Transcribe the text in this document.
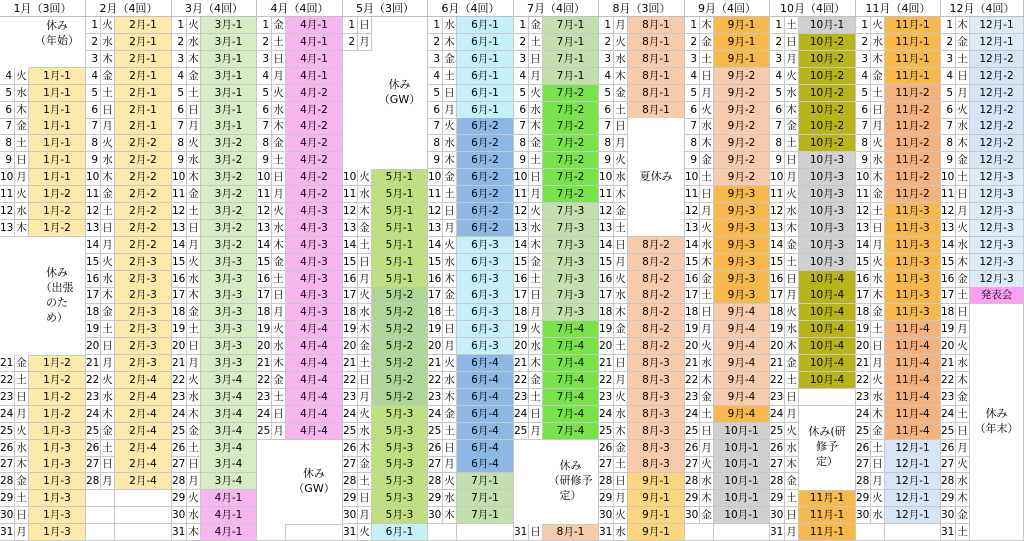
1月（3回）
4 火	1月-1
5 水	1月-1
6 木	1月-1
7 金	1月-1
8 土	1月-1
9 日	1月-1
10 月	1月-1
11 火	1月-2
12 水	1月-2
13 木	1月-2
21 金	1月-2
22 土	1月-2
23 日	1月-2
24 月	1月-2
25 火	1月-3
26 水	1月-3
27 木	1月-3
28 金	1月-3
29 土	1月-3
30 日	1月-3
31 月	1月-3
休み
（年始）
休み
（出張
のた
め）
2月（4回）
1 火	2月-1
2 水	2月-1
3 木	2月-1
4 金	2月-1
5 土	2月-1
6 日	2月-1
7 月	2月-1
8 火	2月-2
9 水	2月-2
10 木	2月-2
11 金	2月-2
12 土	2月-2
13 日	2月-2
14 月	2月-2
15 火	2月-3
16 水	2月-3
17 木	2月-3
18 金	2月-3
19 土	2月-3
20 日	2月-3
21 月	2月-3
22 火	2月-4
23 水	2月-4
24 木	2月-4
25 金	2月-4
26 土	2月-4
27 日	2月-4
28 月	2月-4
3月（4回）
1 火	3月-1
2 水	3月-1
3 木	3月-1
4 金	3月-1
5 土	3月-1
6 日	3月-1
7 月	3月-1
8 火	3月-2
9 水	3月-2
10 木	3月-2
11 金	3月-2
12 土	3月-2
13 日	3月-2
14 月	3月-2
15 火	3月-3
16 水	3月-3
17 木	3月-3
18 金	3月-3
19 土	3月-3
20 日	3月-3
21 月	3月-3
22 火	3月-4
23 水	3月-4
24 木	3月-4
25 金	3月-4
26 土	3月-4
27 日	3月-4
28 月	3月-4
29 火	4月-1
30 水	4月-1
31 木	4月-1
4月（4回）
1 金	4月-1
2 土	4月-1
3 日	4月-1
4 月	4月-1
5 火	4月-2
6 水	4月-2
7 木	4月-2
8 金	4月-2
9 土	4月-2
10 日	4月-2
11 月	4月-2
12 火	4月-3
13 水	4月-3
14 木	4月-3
15 金	4月-3
16 土	4月-3
17 日	4月-3
18 月	4月-3
19 火	4月-4
20 水	4月-4
21 木	4月-4
22 金	4月-4
23 土	4月-4
24 日	4月-4
25 月	4月-4
休み
（GW）
5月（3回）
1 日
2 月
10 火	5月-1
11 水	5月-1
12 木	5月-1
13 金	5月-1
14 土	5月-1
15 日	5月-1
16 月	5月-1
17 火	5月-2
18 水	5月-2
19 木	5月-2
20 金	5月-2
21 土	5月-2
22 日	5月-2
23 月	5月-2
24 火	5月-3
25 水	5月-3
26 木	5月-3
27 金	5月-3
28 土	5月-3
29 日	5月-3
30 月	5月-3
31 火	6月-1
休み
（GW）
6月（4回）
1 水	6月-1
2 木	6月-1
3 金	6月-1
4 土	6月-1
5 日	6月-1
6 月	6月-1
7 火	6月-2
8 水	6月-2
9 木	6月-2
10 金	6月-2
11 土	6月-2
12 日	6月-2
13 月	6月-2
14 火	6月-3
15 水	6月-3
16 木	6月-3
17 金	6月-3
18 土	6月-3
19 日	6月-3
20 月	6月-3
21 火	6月-4
22 水	6月-4
23 木	6月-4
24 金	6月-4
25 土	6月-4
26 日	6月-4
27 月	6月-4
28 火	7月-1
29 水	7月-1
30 木	7月-1
7月（4回）
1 金	7月-1
2 土	7月-1
3 日	7月-1
4 月	7月-1
5 火	7月-2
6 水	7月-2
7 木	7月-2
8 金	7月-2
9 土	7月-2
10 日	7月-2
11 月	7月-2
12 火	7月-3
13 水	7月-3
14 木	7月-3
15 金	7月-3
16 土	7月-3
17 日	7月-3
18 月	7月-3
19 火	7月-4
20 水	7月-4
21 木	7月-4
22 金	7月-4
23 土	7月-4
24 日	7月-4
25 月	7月-4
31 日	8月-1
休み
（研修予
定）
8月（3回）
1 月	8月-1
2 火	8月-1
3 水	8月-1
4 木	8月-1
5 金	8月-1
6 土	8月-1
7 日
8 月
9 火
10 水
11 木
12 金
13 土
14 日	8月-2
15 月	8月-2
16 火	8月-2
17 水	8月-2
18 木	8月-2
19 金	8月-2
20 土	8月-2
21 日	8月-3
22 月	8月-3
23 火	8月-3
24 水	8月-3
25 木	8月-3
26 金	8月-3
27 土	8月-3
28 日	9月-1
29 月	9月-1
30 火	9月-1
31 水	9月-1
夏休み
9月（4回）
1 木	9月-1
2 金	9月-1
3 土	9月-1
4 日	9月-2
5 月	9月-2
6 火	9月-2
7 水	9月-2
8 木	9月-2
9 金	9月-2
10 土	9月-2
11 日	9月-3
12 月	9月-3
13 火	9月-3
14 水	9月-3
15 木	9月-3
16 金	9月-3
17 土	9月-3
18 日	9月-4
19 月	9月-4
20 火	9月-4
21 水	9月-4
22 木	9月-4
23 金	9月-4
24 土	9月-4
25 日	10月-1
26 月	10月-1
27 火	10月-1
28 水	10月-1
29 木	10月-1
30 金	10月-1
10月（4回）
1 土	10月-1
2 日	10月-2
3 月	10月-2
4 火	10月-2
5 水	10月-2
6 木	10月-2
7 金	10月-2
8 土	10月-2
9 日	10月-3
10 月	10月-3
11 火	10月-3
12 水	10月-3
13 木	10月-3
14 金	10月-3
15 土	10月-3
16 日	10月-4
17 月	10月-4
18 火	10月-4
19 水	10月-4
20 木	10月-4
21 金	10月-4
22 土	10月-4
23 日
24 月
25 火
26 水
27 木
28 金
29 土	11月-1
30 日	11月-1
31 月	11月-1
休み(研
修予
定）
11月（4回）
1 火	11月-1
2 水	11月-1
3 木	11月-1
4 金	11月-1
5 土	11月-2
6 日	11月-2
7 月	11月-2
8 火	11月-2
9 水	11月-2
10 木	11月-2
11 金	11月-2
12 土	11月-3
13 日	11月-3
14 月	11月-3
15 火	11月-3
16 水	11月-3
17 木	11月-3
18 金	11月-3
19 土	11月-4
20 日	11月-4
21 月	11月-4
22 火	11月-4
23 水	11月-4
24 木	11月-4
25 金	11月-4
26 土	12月-1
27 日	12月-1
28 月	12月-1
29 火	12月-1
30 水	12月-1
12月（4回）
1 木	12月-1
2 金	12月-1
3 土	12月-2
4 日	12月-2
5 月	12月-2
6 火	12月-2
7 水	12月-2
8 木	12月-2
9 金	12月-2
10 土	12月-3
11 日	12月-3
12 月	12月-3
13 火	12月-3
14 水	12月-3
15 木	12月-3
16 金	12月-3
17 土	発表会
18 日
19 月
20 火
21 水
22 木
23 金
24 土
25 日
26 月
27 火
28 水
29 木
30 金
31 土
休み
（年末）
